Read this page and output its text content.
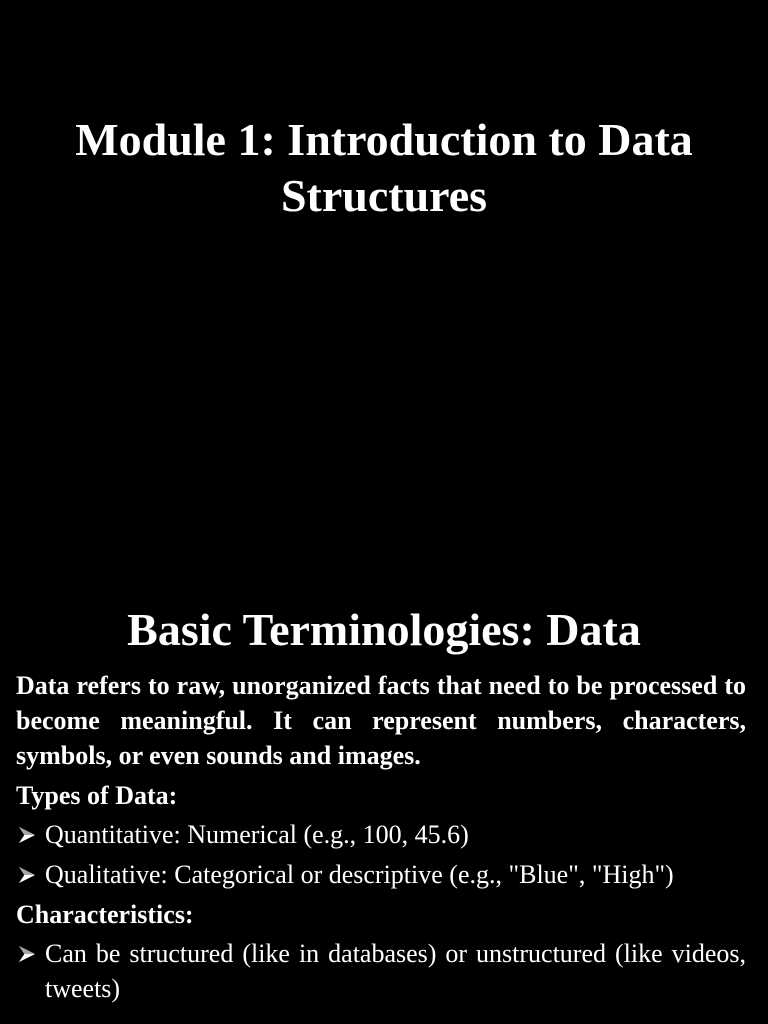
Module 1: Introduction to Data Structures
Basic Terminologies: Data

Data refers to raw, unorganized facts that need to be processed to become meaningful. It can represent numbers, characters, symbols, or even sounds and images.

Types of Data:
Quantitative: Numerical (e.g., 100, 45.6)
Qualitative: Categorical or descriptive (e.g., "Blue", "High")
Characteristics:
Can be structured (like in databases) or unstructured (like videos, tweets)
